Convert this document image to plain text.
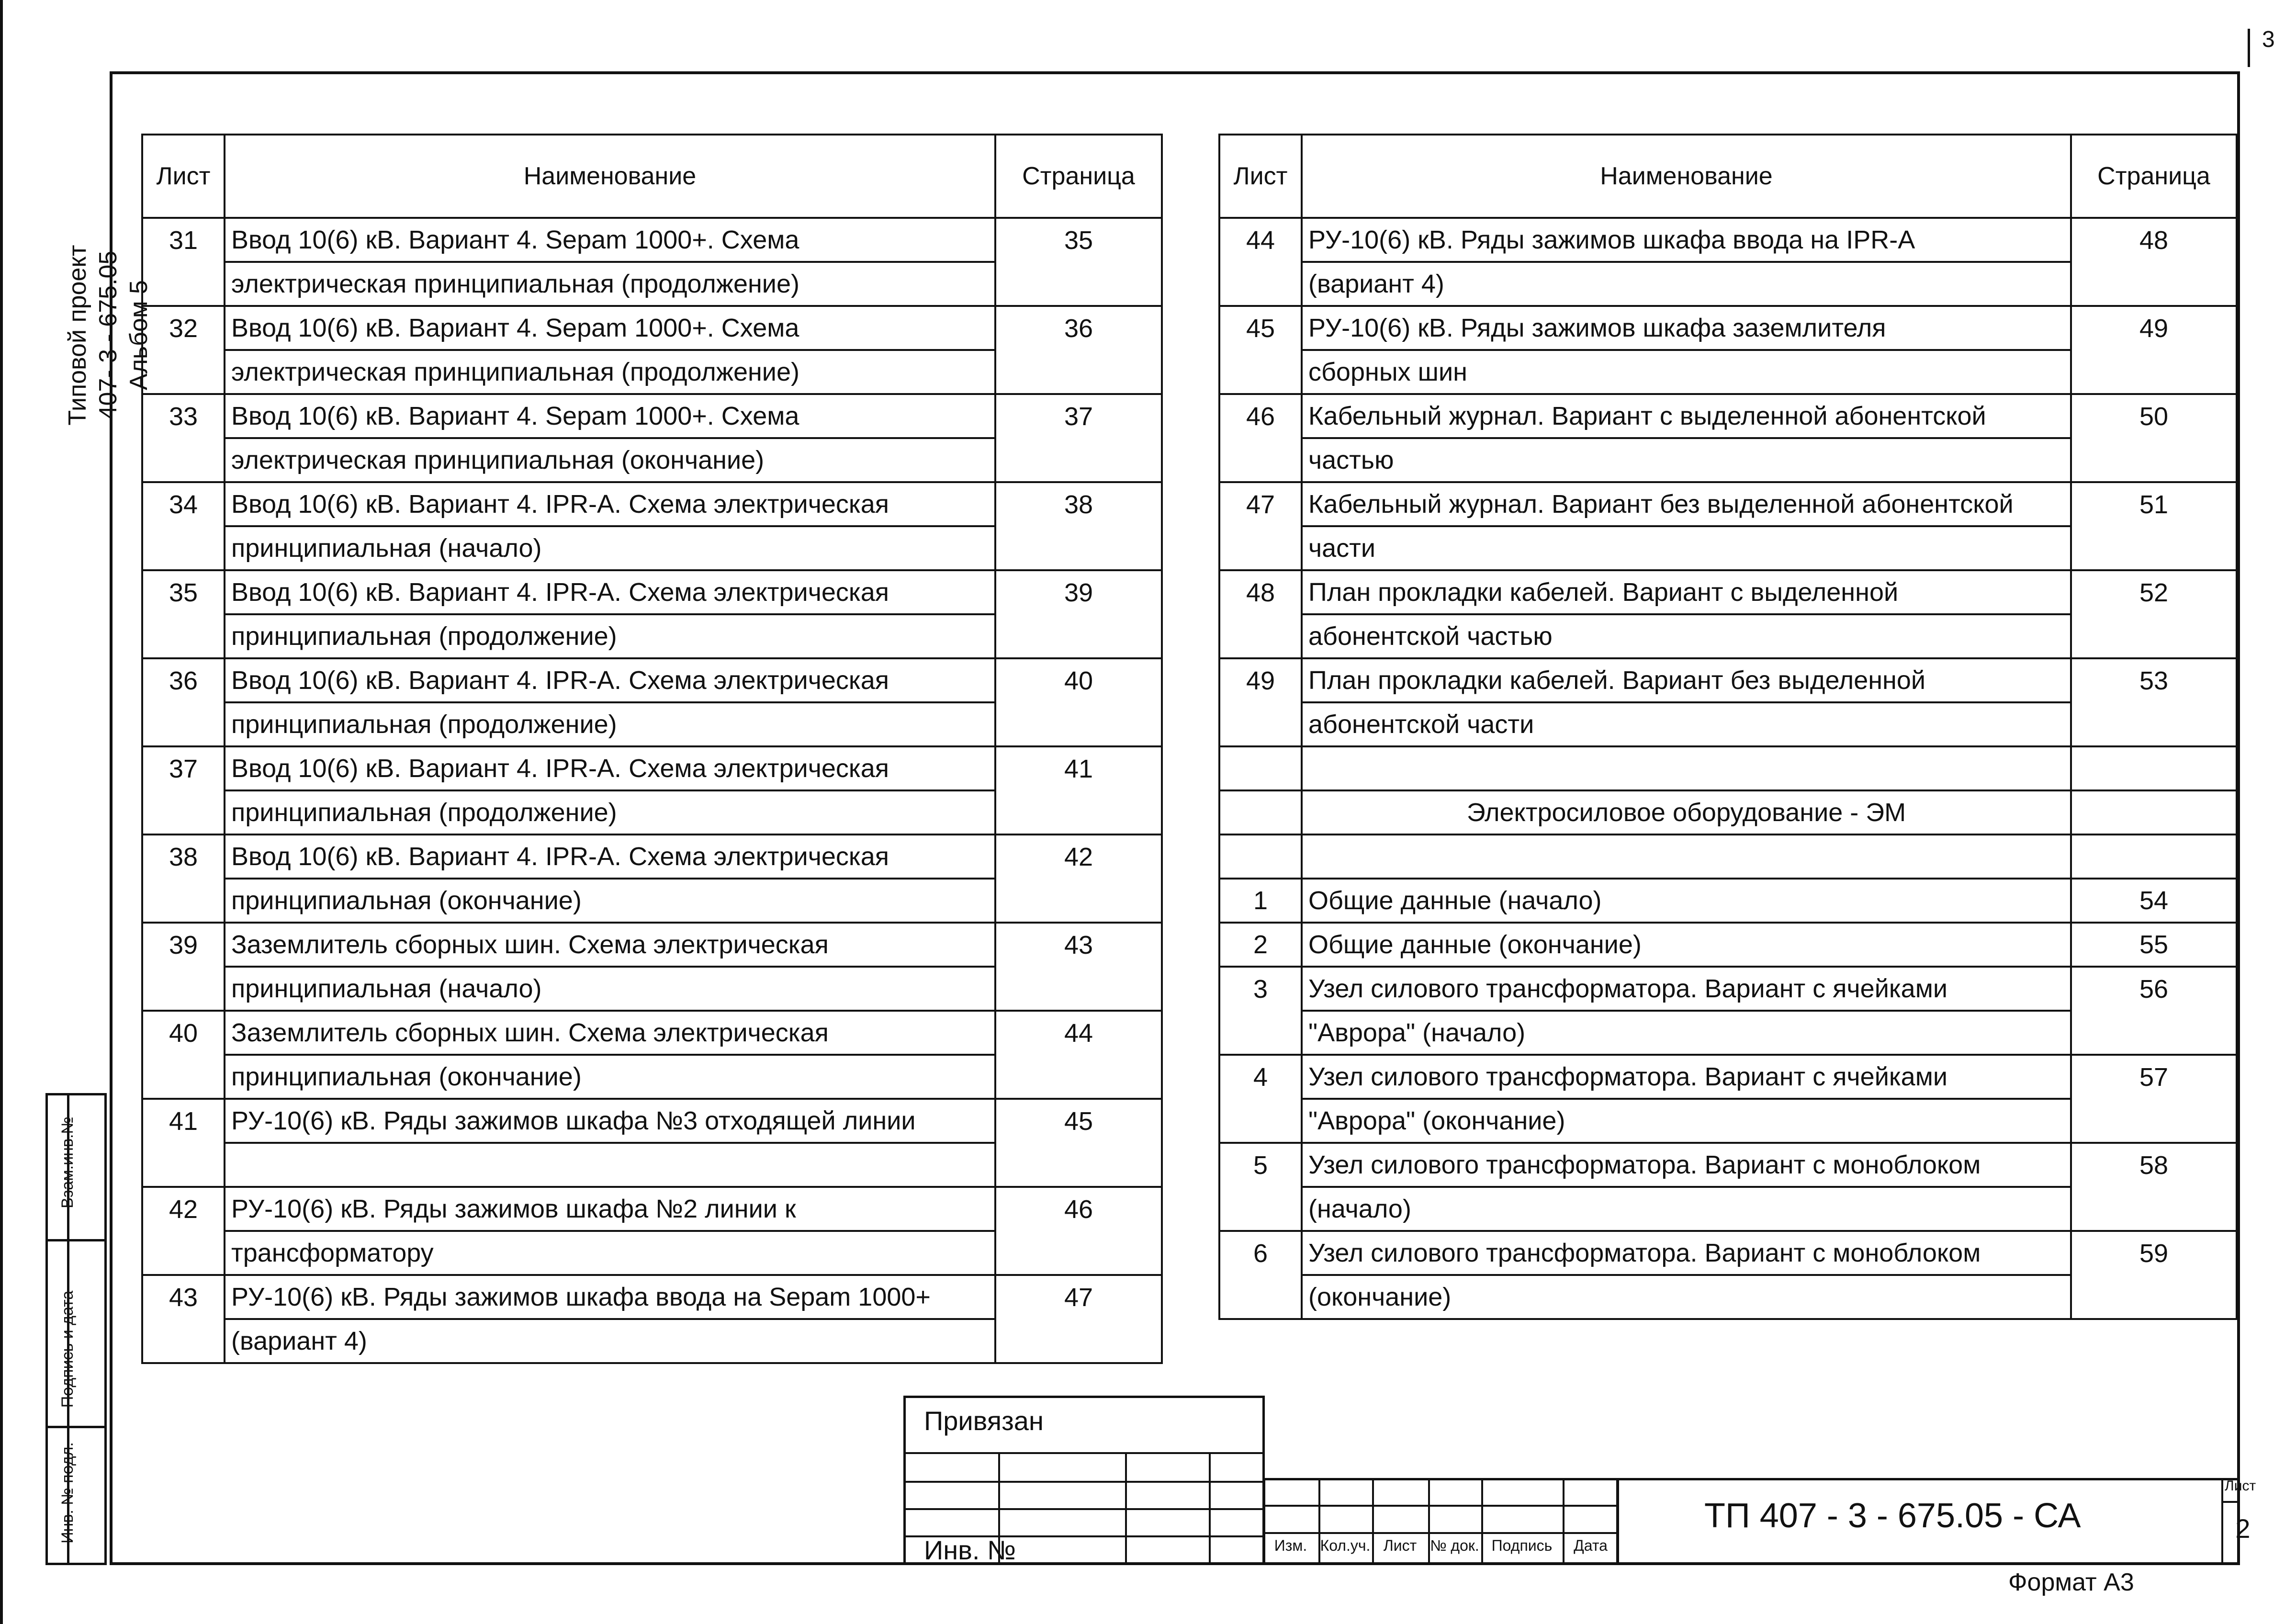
3
Типовой проект 407- 3 - 675.05 Альбом 5
Взам.инв.№
Подпись и дата
Инв. № подл.
Лист	Наименование	Страница
31	Ввод 10(6) кВ. Вариант 4. Sepam 1000+. Схема	35
	электрическая принципиальная (продолжение)	
32	Ввод 10(6) кВ. Вариант 4. Sepam 1000+. Схема	36
	электрическая принципиальная (продолжение)	
33	Ввод 10(6) кВ. Вариант 4. Sepam 1000+. Схема	37
	электрическая принципиальная (окончание)	
34	Ввод 10(6) кВ. Вариант 4. IPR-A. Схема электрическая	38
	принципиальная (начало)	
35	Ввод 10(6) кВ. Вариант 4. IPR-A. Схема электрическая	39
	принципиальная (продолжение)	
36	Ввод 10(6) кВ. Вариант 4. IPR-A. Схема электрическая	40
	принципиальная (продолжение)	
37	Ввод 10(6) кВ. Вариант 4. IPR-A. Схема электрическая	41
	принципиальная (продолжение)	
38	Ввод 10(6) кВ. Вариант 4. IPR-A. Схема электрическая	42
	принципиальная (окончание)	
39	Заземлитель сборных шин. Схема электрическая	43
	принципиальная (начало)	
40	Заземлитель сборных шин. Схема электрическая	44
	принципиальная (окончание)	
41	РУ-10(6) кВ. Ряды зажимов шкафа №3 отходящей линии	45

42	РУ-10(6) кВ. Ряды зажимов шкафа №2 линии к	46
	трансформатору	
43	РУ-10(6) кВ. Ряды зажимов шкафа ввода на Sepam 1000+	47
	(вариант 4)	
Лист	Наименование	Страница
44	РУ-10(6) кВ. Ряды зажимов шкафа ввода на IPR-A	48
	(вариант 4)	
45	РУ-10(6) кВ. Ряды зажимов шкафа заземлителя	49
	сборных шин	
46	Кабельный журнал. Вариант с выделенной абонентской	50
	частью	
47	Кабельный журнал. Вариант без выделенной абонентской	51
	части	
48	План прокладки кабелей. Вариант с выделенной	52
	абонентской частью	
49	План прокладки кабелей. Вариант без выделенной	53
	абонентской части	

	Электросиловое оборудование - ЭМ	

1	Общие данные (начало)	54
2	Общие данные (окончание)	55
3	Узел силового трансформатора. Вариант с ячейками	56
	"Аврора" (начало)	
4	Узел силового трансформатора. Вариант с ячейками	57
	"Аврора" (окончание)	
5	Узел силового трансформатора. Вариант с моноблоком	58
	(начало)	
6	Узел силового трансформатора. Вариант с моноблоком	59
	(окончание)	
Привязан
Инв. №	Изм. Кол.уч. Лист № док. Подпись	Дата
ТП 407 - 3 - 675.05 - СА
Лист
2
Формат А3
